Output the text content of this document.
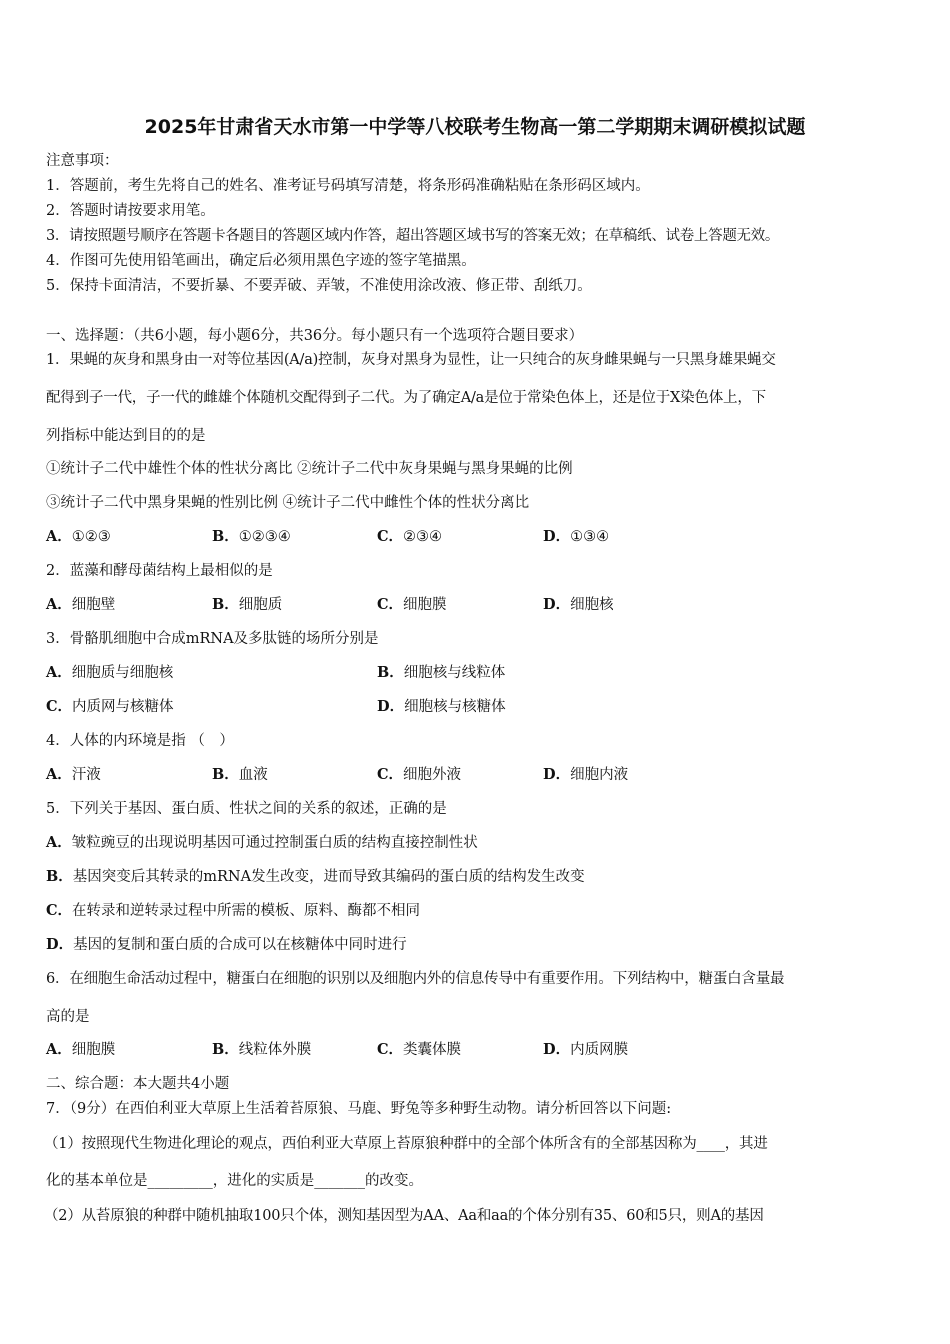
2025年甘肃省天水市第一中学等八校联考生物高一第二学期期末调研模拟试题
注意事项：
1．答题前，考生先将自己的姓名、准考证号码填写清楚，将条形码准确粘贴在条形码区域内。
2．答题时请按要求用笔。
3．请按照题号顺序在答题卡各题目的答题区域内作答，超出答题区域书写的答案无效；在草稿纸、试卷上答题无效。
4．作图可先使用铅笔画出，确定后必须用黑色字迹的签字笔描黑。
5．保持卡面清洁，不要折暴、不要弄破、弄皱，不准使用涂改液、修正带、刮纸刀。
一、选择题：（共6小题，每小题6分，共36分。每小题只有一个选项符合题目要求）
1．果蝇的灰身和黑身由一对等位基因(A/a)控制，灰身对黑身为显性，让一只纯合的灰身雌果蝇与一只黑身雄果蝇交
配得到子一代，子一代的雌雄个体随机交配得到子二代。为了确定A/a是位于常染色体上，还是位于X染色体上，下
列指标中能达到目的的是
①统计子二代中雄性个体的性状分离比 ②统计子二代中灰身果蝇与黑身果蝇的比例
③统计子二代中黑身果蝇的性别比例 ④统计子二代中雌性个体的性状分离比
A．①②③	B．①②③④	C．②③④	D．①③④
2．蓝藻和酵母菌结构上最相似的是
A．细胞壁	B．细胞质	C．细胞膜	D．细胞核
3．骨骼肌细胞中合成mRNA及多肽链的场所分别是
A．细胞质与细胞核	B．细胞核与线粒体
C．内质网与核糖体	D．细胞核与核糖体
4．人体的内环境是指 （　）
A．汗液	B．血液	C．细胞外液	D．细胞内液
5．下列关于基因、蛋白质、性状之间的关系的叙述，正确的是
A．皱粒豌豆的出现说明基因可通过控制蛋白质的结构直接控制性状
B．基因突变后其转录的mRNA发生改变，进而导致其编码的蛋白质的结构发生改变
C．在转录和逆转录过程中所需的模板、原料、酶都不相同
D．基因的复制和蛋白质的合成可以在核糖体中同时进行
6．在细胞生命活动过程中，糖蛋白在细胞的识别以及细胞内外的信息传导中有重要作用。下列结构中，糖蛋白含量最
高的是
A．细胞膜	B．线粒体外膜	C．类囊体膜	D．内质网膜
二、综合题：本大题共4小题
7．（9分）在西伯利亚大草原上生活着苔原狼、马鹿、野兔等多种野生动物。请分析回答以下问题:
（1）按照现代生物进化理论的观点，西伯利亚大草原上苔原狼种群中的全部个体所含有的全部基因称为____，其进
化的基本单位是_________，进化的实质是_______的改变。
（2）从苔原狼的种群中随机抽取100只个体，测知基因型为AA、Aa和aa的个体分别有35、60和5只，则A的基因
